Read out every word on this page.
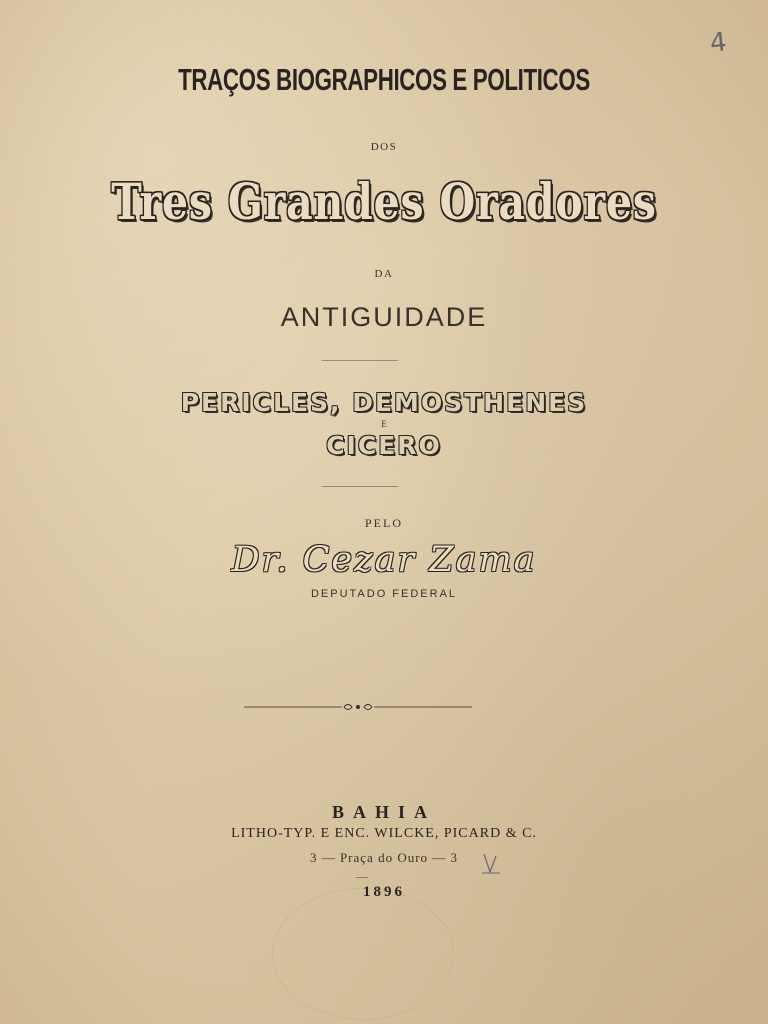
4
TRAÇOS BIOGRAPHICOS E POLITICOS
DOS
Tres Grandes Oradores
DA
ANTIGUIDADE
PERICLES, DEMOSTHENES
E
CICERO
PELO
Dr. Cezar Zama
DEPUTADO FEDERAL
BAHIA
LITHO-TYP. E ENC. WILCKE, PICARD & C.
3 — Praça do Ouro — 3
1896
